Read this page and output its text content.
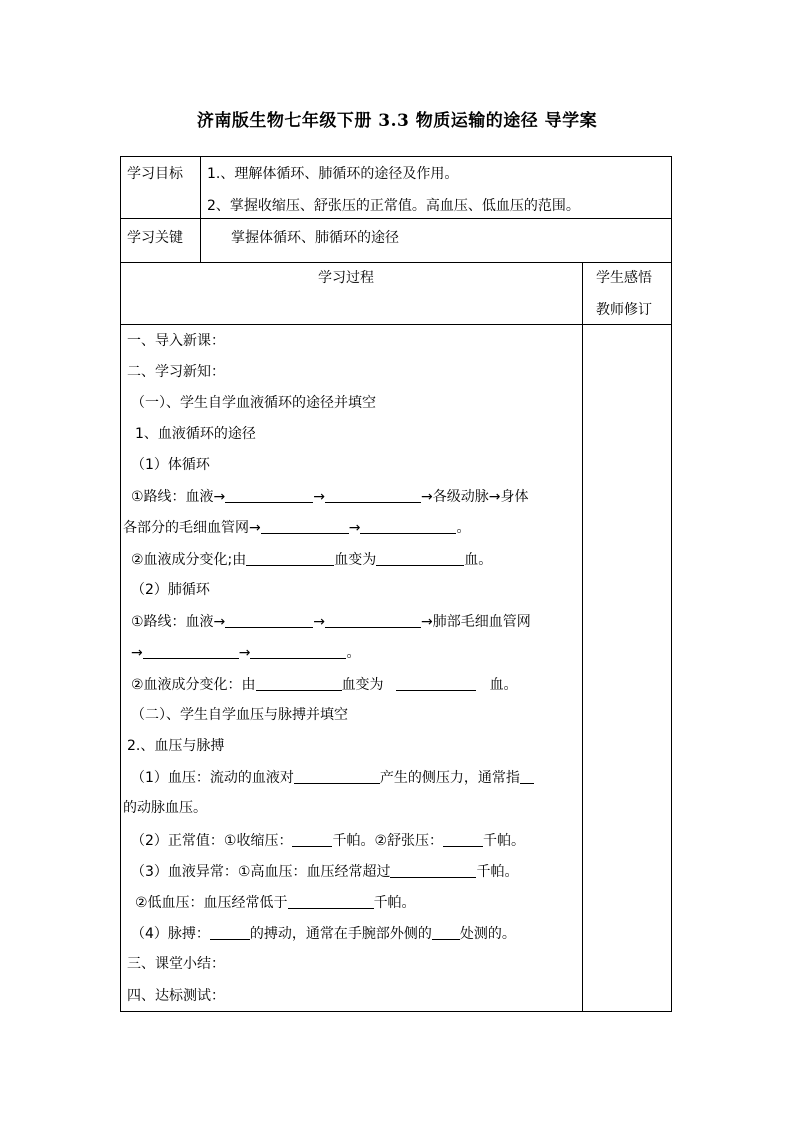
济南版生物七年级下册 3.3 物质运输的途径 导学案
学习目标 1.、理解体循环、肺循环的途径及作用。
2、掌握收缩压、舒张压的正常值。高血压、低血压的范围。
学习关键	掌握体循环、肺循环的途径
学习过程	学生感悟
教师修订
一、导入新课：
二、学习新知：
（一）、学生自学血液循环的途径并填空
1、血液循环的途径
（1）体循环
①路线：血液→	→	→各级动脉→身体
各部分的毛细血管网→	→	。
②血液成分变化;由	血变为	血。
（2）肺循环
①路线：血液→	→	→肺部毛细血管网
→	→	。
②血液成分变化：由	血变为	血。
（二）、学生自学血压与脉搏并填空
2.、血压与脉搏
（1）血压：流动的血液对	产生的侧压力，通常指
的动脉血压。
（2）正常值：①收缩压：	千帕。②舒张压：	千帕。
（3）血液异常：①高血压：血压经常超过	千帕。
②低血压：血压经常低于	千帕。
（4）脉搏：	的搏动，通常在手腕部外侧的 处测的。
三、课堂小结：
四、达标测试：
